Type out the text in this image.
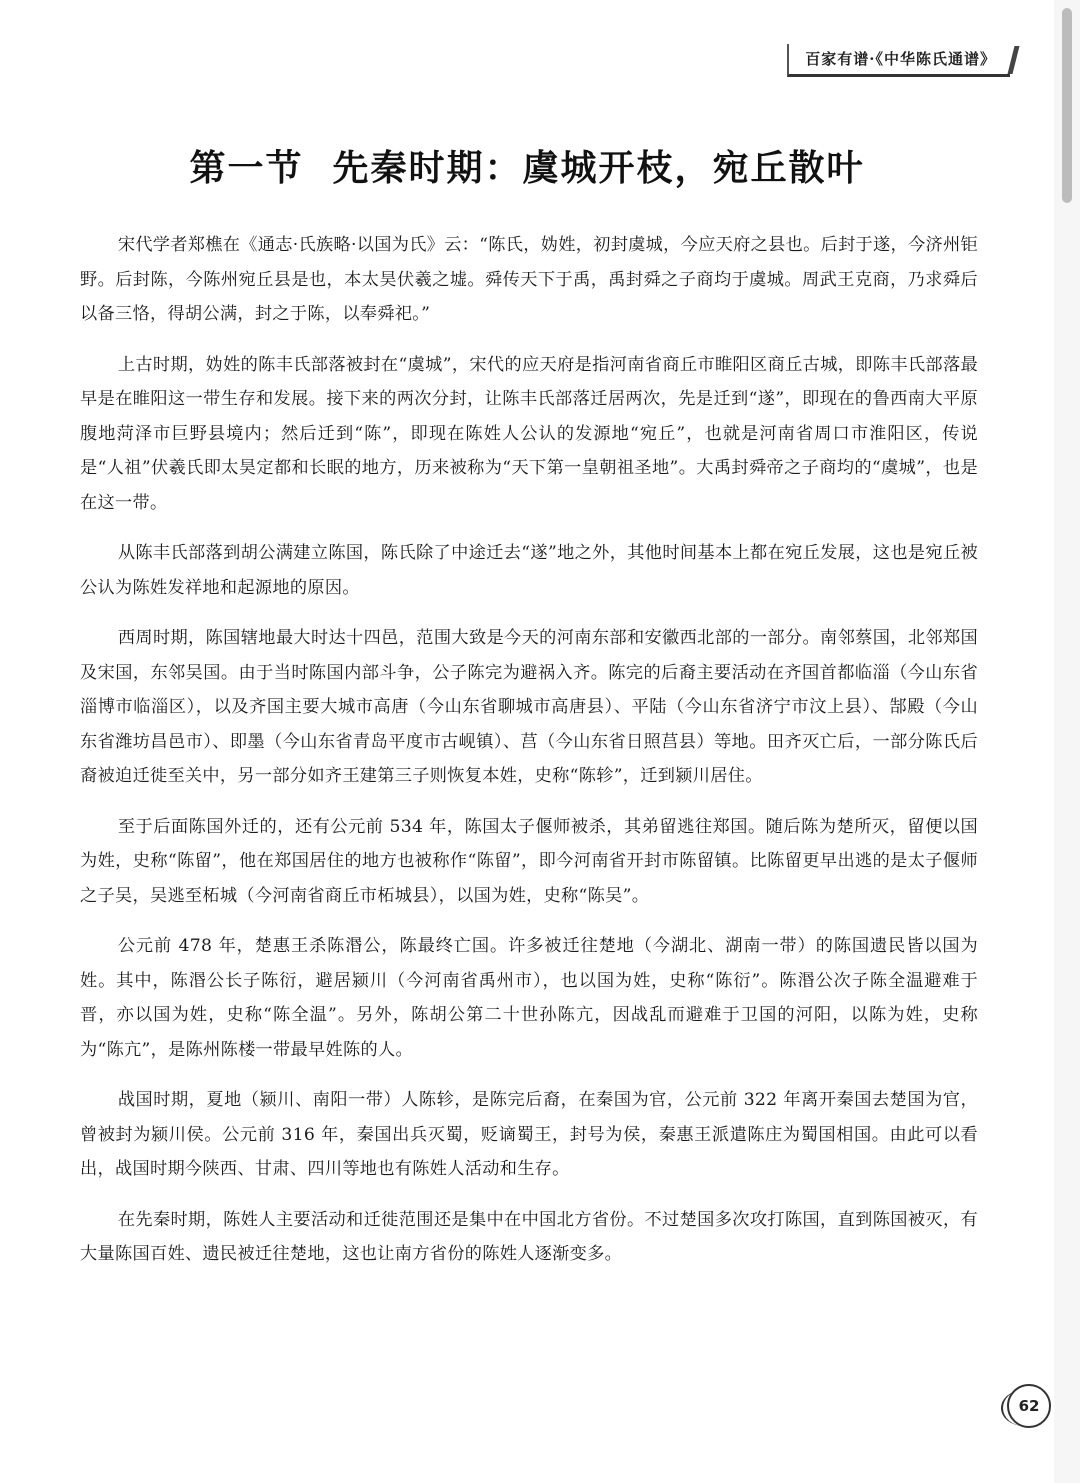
百家有谱·《中华陈氏通谱》
第一节  先秦时期：虞城开枝，宛丘散叶

宋代学者郑樵在《通志·氏族略·以国为氏》云：“陈氏，妫姓，初封虞城，今应天府之县也。后封于遂，今济州钜野。后封陈，今陈州宛丘县是也，本太昊伏羲之墟。舜传天下于禹，禹封舜之子商均于虞城。周武王克商，乃求舜后以备三恪，得胡公满，封之于陈，以奉舜祀。”

上古时期，妫姓的陈丰氏部落被封在“虞城”，宋代的应天府是指河南省商丘市睢阳区商丘古城，即陈丰氏部落最早是在睢阳这一带生存和发展。接下来的两次分封，让陈丰氏部落迁居两次，先是迁到“遂”，即现在的鲁西南大平原腹地菏泽市巨野县境内；然后迁到“陈”，即现在陈姓人公认的发源地“宛丘”，也就是河南省周口市淮阳区，传说是“人祖”伏羲氏即太昊定都和长眠的地方，历来被称为“天下第一皇朝祖圣地”。大禹封舜帝之子商均的“虞城”，也是在这一带。

从陈丰氏部落到胡公满建立陈国，陈氏除了中途迁去“遂”地之外，其他时间基本上都在宛丘发展，这也是宛丘被公认为陈姓发祥地和起源地的原因。

西周时期，陈国辖地最大时达十四邑，范围大致是今天的河南东部和安徽西北部的一部分。南邻蔡国，北邻郑国及宋国，东邻吴国。由于当时陈国内部斗争，公子陈完为避祸入齐。陈完的后裔主要活动在齐国首都临淄（今山东省淄博市临淄区），以及齐国主要大城市高唐（今山东省聊城市高唐县）、平陆（今山东省济宁市汶上县）、郜殿（今山东省潍坊昌邑市）、即墨（今山东省青岛平度市古岘镇）、莒（今山东省日照莒县）等地。田齐灭亡后，一部分陈氏后裔被迫迁徙至关中，另一部分如齐王建第三子则恢复本姓，史称“陈轸”，迁到颍川居住。

至于后面陈国外迁的，还有公元前 534 年，陈国太子偃师被杀，其弟留逃往郑国。随后陈为楚所灭，留便以国为姓，史称“陈留”，他在郑国居住的地方也被称作“陈留”，即今河南省开封市陈留镇。比陈留更早出逃的是太子偃师之子吴，吴逃至柘城（今河南省商丘市柘城县），以国为姓，史称“陈吴”。

公元前 478 年，楚惠王杀陈湣公，陈最终亡国。许多被迁往楚地（今湖北、湖南一带）的陈国遗民皆以国为姓。其中，陈湣公长子陈衍，避居颍川（今河南省禹州市），也以国为姓，史称“陈衍”。陈湣公次子陈全温避难于晋，亦以国为姓，史称“陈全温”。另外，陈胡公第二十世孙陈亢，因战乱而避难于卫国的河阳，以陈为姓，史称为“陈亢”，是陈州陈楼一带最早姓陈的人。

战国时期，夏地（颍川、南阳一带）人陈轸，是陈完后裔，在秦国为官，公元前 322 年离开秦国去楚国为官，曾被封为颍川侯。公元前 316 年，秦国出兵灭蜀，贬谪蜀王，封号为侯，秦惠王派遣陈庄为蜀国相国。由此可以看出，战国时期今陕西、甘肃、四川等地也有陈姓人活动和生存。

在先秦时期，陈姓人主要活动和迁徙范围还是集中在中国北方省份。不过楚国多次攻打陈国，直到陈国被灭，有大量陈国百姓、遗民被迁往楚地，这也让南方省份的陈姓人逐渐变多。

62
